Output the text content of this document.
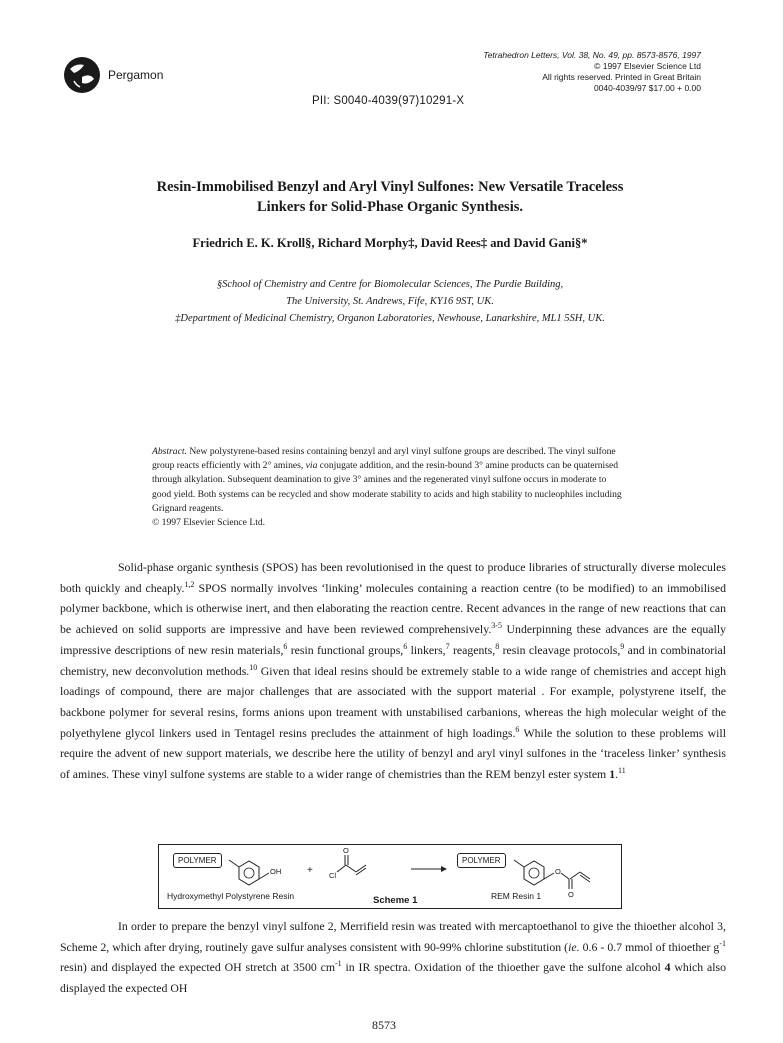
Pergamon
Tetrahedron Letters, Vol. 38, No. 49, pp. 8573-8576, 1997
© 1997 Elsevier Science Ltd
All rights reserved. Printed in Great Britain
0040-4039/97 $17.00 + 0.00
PII: S0040-4039(97)10291-X
Resin-Immobilised Benzyl and Aryl Vinyl Sulfones: New Versatile Traceless
Linkers for Solid-Phase Organic Synthesis.
Friedrich E. K. Kroll§, Richard Morphy‡, David Rees‡ and David Gani§*
§School of Chemistry and Centre for Biomolecular Sciences, The Purdie Building,
The University, St. Andrews, Fife, KY16 9ST, UK.
‡Department of Medicinal Chemistry, Organon Laboratories, Newhouse, Lanarkshire, ML1 5SH, UK.
Abstract. New polystyrene-based resins containing benzyl and aryl vinyl sulfone groups are described. The vinyl sulfone group reacts efficiently with 2° amines, via conjugate addition, and the resin-bound 3° amine products can be quaternised through alkylation. Subsequent deamination to give 3° amines and the regenerated vinyl sulfone occurs in moderate to good yield. Both systems can be recycled and show moderate stability to acids and high stability to nucleophiles including Grignard reagents.
© 1997 Elsevier Science Ltd.
Solid-phase organic synthesis (SPOS) has been revolutionised in the quest to produce libraries of structurally diverse molecules both quickly and cheaply.$^{1,2}$ SPOS normally involves ‘linking’ molecules containing a reaction centre (to be modified) to an immobilised polymer backbone, which is otherwise inert, and then elaborating the reaction centre. Recent advances in the range of new reactions that can be achieved on solid supports are impressive and have been reviewed comprehensively.$^{3-5}$ Underpinning these advances are the equally impressive descriptions of new resin materials,$^6$ resin functional groups,$^6$ linkers,$^7$ reagents,$^8$ resin cleavage protocols,$^9$ and in combinatorial chemistry, new deconvolution methods.$^{10}$ Given that ideal resins should be extremely stable to a wide range of chemistries and accept high loadings of compound, there are major challenges that are associated with the support material . For example, polystyrene itself, the backbone polymer for several resins, forms anions upon treament with unstabilised carbanions, whereas the high molecular weight of the polyethylene glycol linkers used in Tentagel resins precludes the attainment of high loadings.$^6$ While the solution to these problems will require the advent of new support materials, we describe here the utility of benzyl and aryl vinyl sulfones in the ‘traceless linker’ synthesis of amines. These vinyl sulfone systems are stable to a wider range of chemistries than the REM benzyl ester system 1.11
POLYMER
OH	+
O
Cl
POLYMER
O
O
Hydroxymethyl Polystyrene Resin	Scheme 1	REM Resin 1
In order to prepare the benzyl vinyl sulfone 2, Merrifield resin was treated with mercaptoethanol to give the thioether alcohol 3, Scheme 2, which after drying, routinely gave sulfur analyses consistent with 90-99% chlorine substitution (ie. 0.6 - 0.7 mmol of thioether $g^{-1}$ resin) and displayed the expected OH stretch at 3500 $cm^{-1}$ in IR spectra. Oxidation of the thioether gave the sulfone alcohol 4 which also displayed the expected OH
8573
